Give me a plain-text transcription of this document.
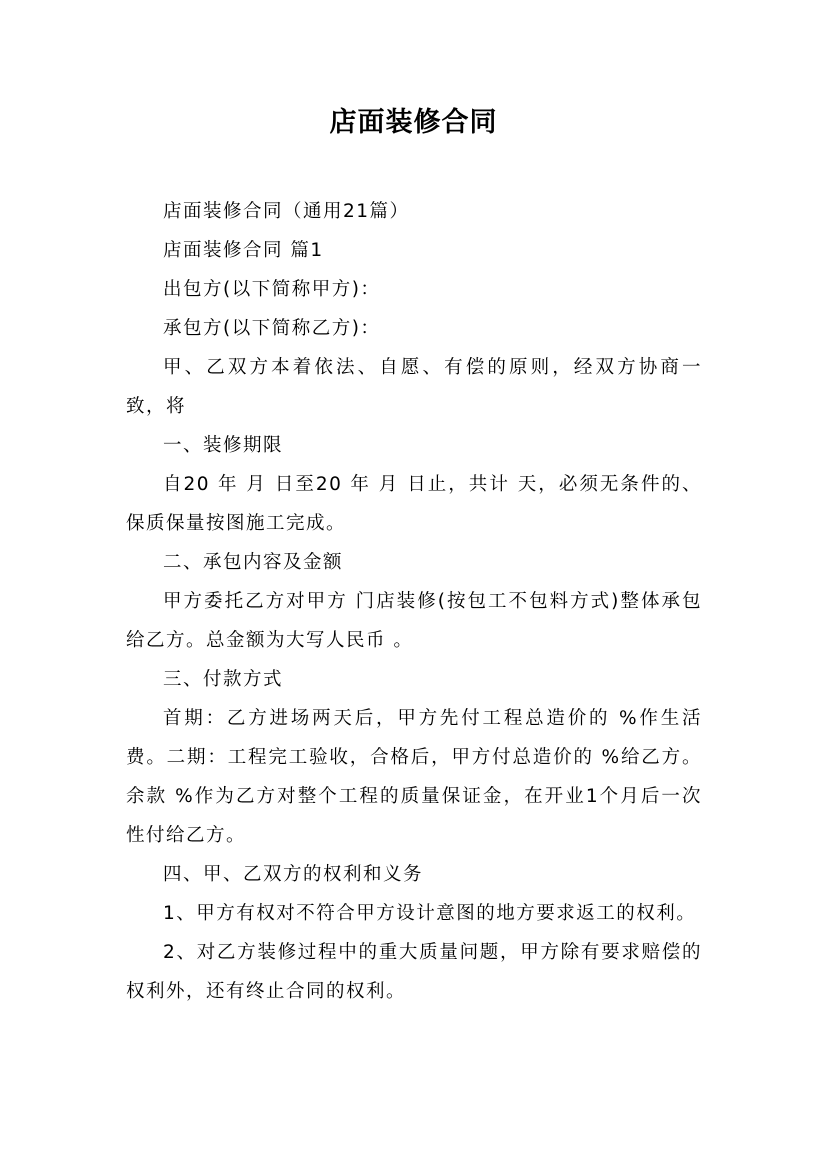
店面装修合同

店面装修合同（通用21篇）

店面装修合同 篇1

出包方(以下简称甲方)：

承包方(以下简称乙方)：

甲、乙双方本着依法、自愿、有偿的原则，经双方协商一致，将

一、装修期限

自20 年 月 日至20 年 月 日止，共计 天，必须无条件的、保质保量按图施工完成。

二、承包内容及金额

甲方委托乙方对甲方 门店装修(按包工不包料方式)整体承包给乙方。总金额为大写人民币 。

三、付款方式

首期：乙方进场两天后，甲方先付工程总造价的 %作生活费。二期：工程完工验收，合格后，甲方付总造价的 %给乙方。余款 %作为乙方对整个工程的质量保证金，在开业1个月后一次性付给乙方。

四、甲、乙双方的权利和义务

1、甲方有权对不符合甲方设计意图的地方要求返工的权利。

2、对乙方装修过程中的重大质量问题，甲方除有要求赔偿的权利外，还有终止合同的权利。
